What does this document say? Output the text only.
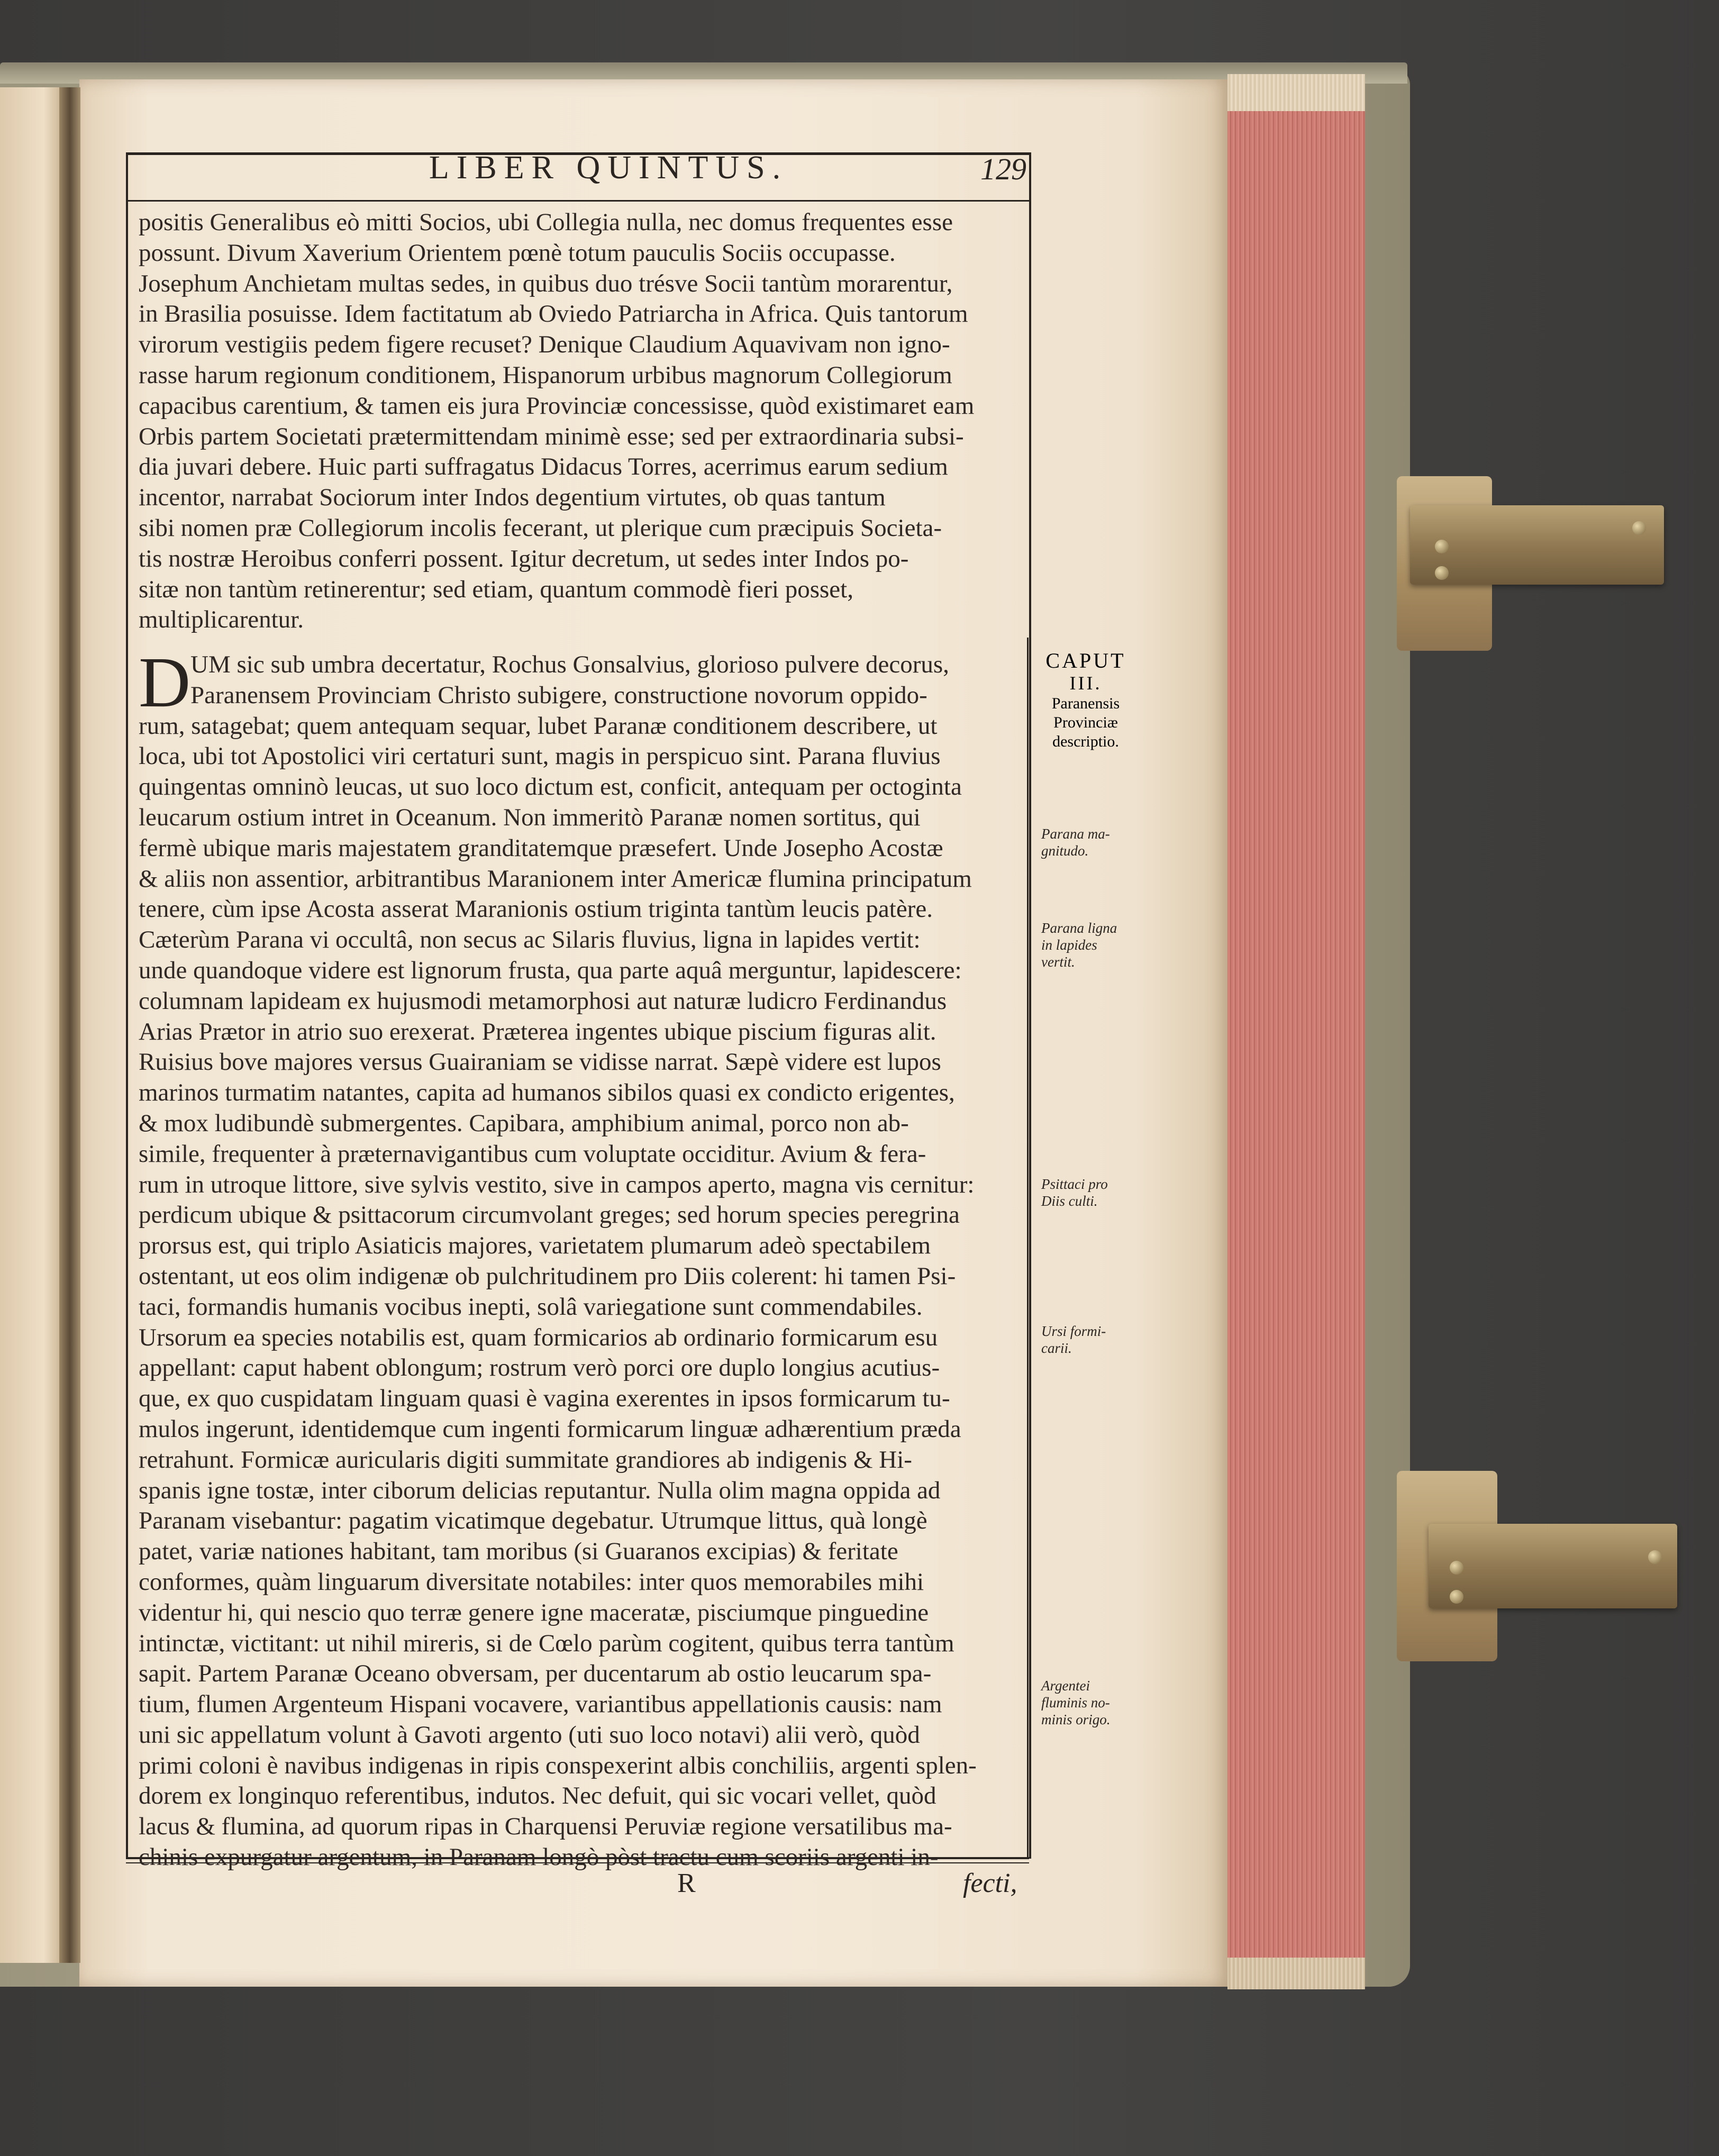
LIBER QUINTUS.	129
positis Generalibus eò mitti Socios, ubi Collegia nulla, nec domus frequentes esse
possunt. Divum Xaverium Orientem pœnè totum pauculis Sociis occupasse.
Josephum Anchietam multas sedes, in quibus duo trésve Socii tantùm morarentur,
in Brasilia posuisse. Idem factitatum ab Oviedo Patriarcha in Africa. Quis tantorum
virorum vestigiis pedem figere recuset? Denique Claudium Aquavivam non igno-
rasse harum regionum conditionem, Hispanorum urbibus magnorum Collegiorum
capacibus carentium, & tamen eis jura Provinciæ concessisse, quòd existimaret eam
Orbis partem Societati prætermittendam minimè esse; sed per extraordinaria subsi-
dia juvari debere. Huic parti suffragatus Didacus Torres, acerrimus earum sedium
incentor, narrabat Sociorum inter Indos degentium virtutes, ob quas tantum
sibi nomen præ Collegiorum incolis fecerant, ut plerique cum præcipuis Societa-
tis nostræ Heroibus conferri possent. Igitur decretum, ut sedes inter Indos po-
sitæ non tantùm retinerentur; sed etiam, quantum commodè fieri posset,
multiplicarentur.
D UM sic sub umbra decertatur, Rochus Gonsalvius, glorioso pulvere decorus,
Paranensem Provinciam Christo subigere, constructione novorum oppido-
rum, satagebat; quem antequam sequar, lubet Paranæ conditionem describere, ut
loca, ubi tot Apostolici viri certaturi sunt, magis in perspicuo sint. Parana fluvius
quingentas omninò leucas, ut suo loco dictum est, conficit, antequam per octoginta
leucarum ostium intret in Oceanum. Non immeritò Paranæ nomen sortitus, qui
fermè ubique maris majestatem granditatemque præsefert. Unde Josepho Acostæ
& aliis non assentior, arbitrantibus Maranionem inter Americæ flumina principatum
tenere, cùm ipse Acosta asserat Maranionis ostium triginta tantùm leucis patère.
Cæterùm Parana vi occultâ, non secus ac Silaris fluvius, ligna in lapides vertit:
unde quandoque videre est lignorum frusta, qua parte aquâ merguntur, lapidescere:
columnam lapideam ex hujusmodi metamorphosi aut naturæ ludicro Ferdinandus
Arias Prætor in atrio suo erexerat. Præterea ingentes ubique piscium figuras alit.
Ruisius bove majores versus Guairaniam se vidisse narrat. Sæpè videre est lupos
marinos turmatim natantes, capita ad humanos sibilos quasi ex condicto erigentes,
& mox ludibundè submergentes. Capibara, amphibium animal, porco non ab-
simile, frequenter à præternavigantibus cum voluptate occiditur. Avium & fera-
rum in utroque littore, sive sylvis vestito, sive in campos aperto, magna vis cernitur:
perdicum ubique & psittacorum circumvolant greges; sed horum species peregrina
prorsus est, qui triplo Asiaticis majores, varietatem plumarum adeò spectabilem
ostentant, ut eos olim indigenæ ob pulchritudinem pro Diis colerent: hi tamen Psi-
taci, formandis humanis vocibus inepti, solâ variegatione sunt commendabiles.
Ursorum ea species notabilis est, quam formicarios ab ordinario formicarum esu
appellant: caput habent oblongum; rostrum verò porci ore duplo longius acutius-
que, ex quo cuspidatam linguam quasi è vagina exerentes in ipsos formicarum tu-
mulos ingerunt, identidemque cum ingenti formicarum linguæ adhærentium præda
retrahunt. Formicæ auricularis digiti summitate grandiores ab indigenis & Hi-
spanis igne tostæ, inter ciborum delicias reputantur. Nulla olim magna oppida ad
Paranam visebantur: pagatim vicatimque degebatur. Utrumque littus, quà longè
patet, variæ nationes habitant, tam moribus (si Guaranos excipias) & feritate
conformes, quàm linguarum diversitate notabiles: inter quos memorabiles mihi
videntur hi, qui nescio quo terræ genere igne maceratæ, pisciumque pinguedine
intinctæ, victitant: ut nihil mireris, si de Cœlo parùm cogitent, quibus terra tantùm
sapit. Partem Paranæ Oceano obversam, per ducentarum ab ostio leucarum spa-
tium, flumen Argenteum Hispani vocavere, variantibus appellationis causis: nam
uni sic appellatum volunt à Gavoti argento (uti suo loco notavi) alii verò, quòd
primi coloni è navibus indigenas in ripis conspexerint albis conchiliis, argenti splen-
dorem ex longinquo referentibus, indutos. Nec defuit, qui sic vocari vellet, quòd
lacus & flumina, ad quorum ripas in Charquensi Peruviæ regione versatilibus ma-
chinis expurgatur argentum, in Paranam longò pòst tractu cum scoriis argenti in-
CAPUT
III.
Paranensis
Provinciæ
descriptio.
Parana ma-
gnitudo.
Parana ligna
in lapides
vertit.
Psittaci pro
Diis culti.
Ursi formi-
carii.
Argentei
fluminis no-
minis origo.
R	fecti,
